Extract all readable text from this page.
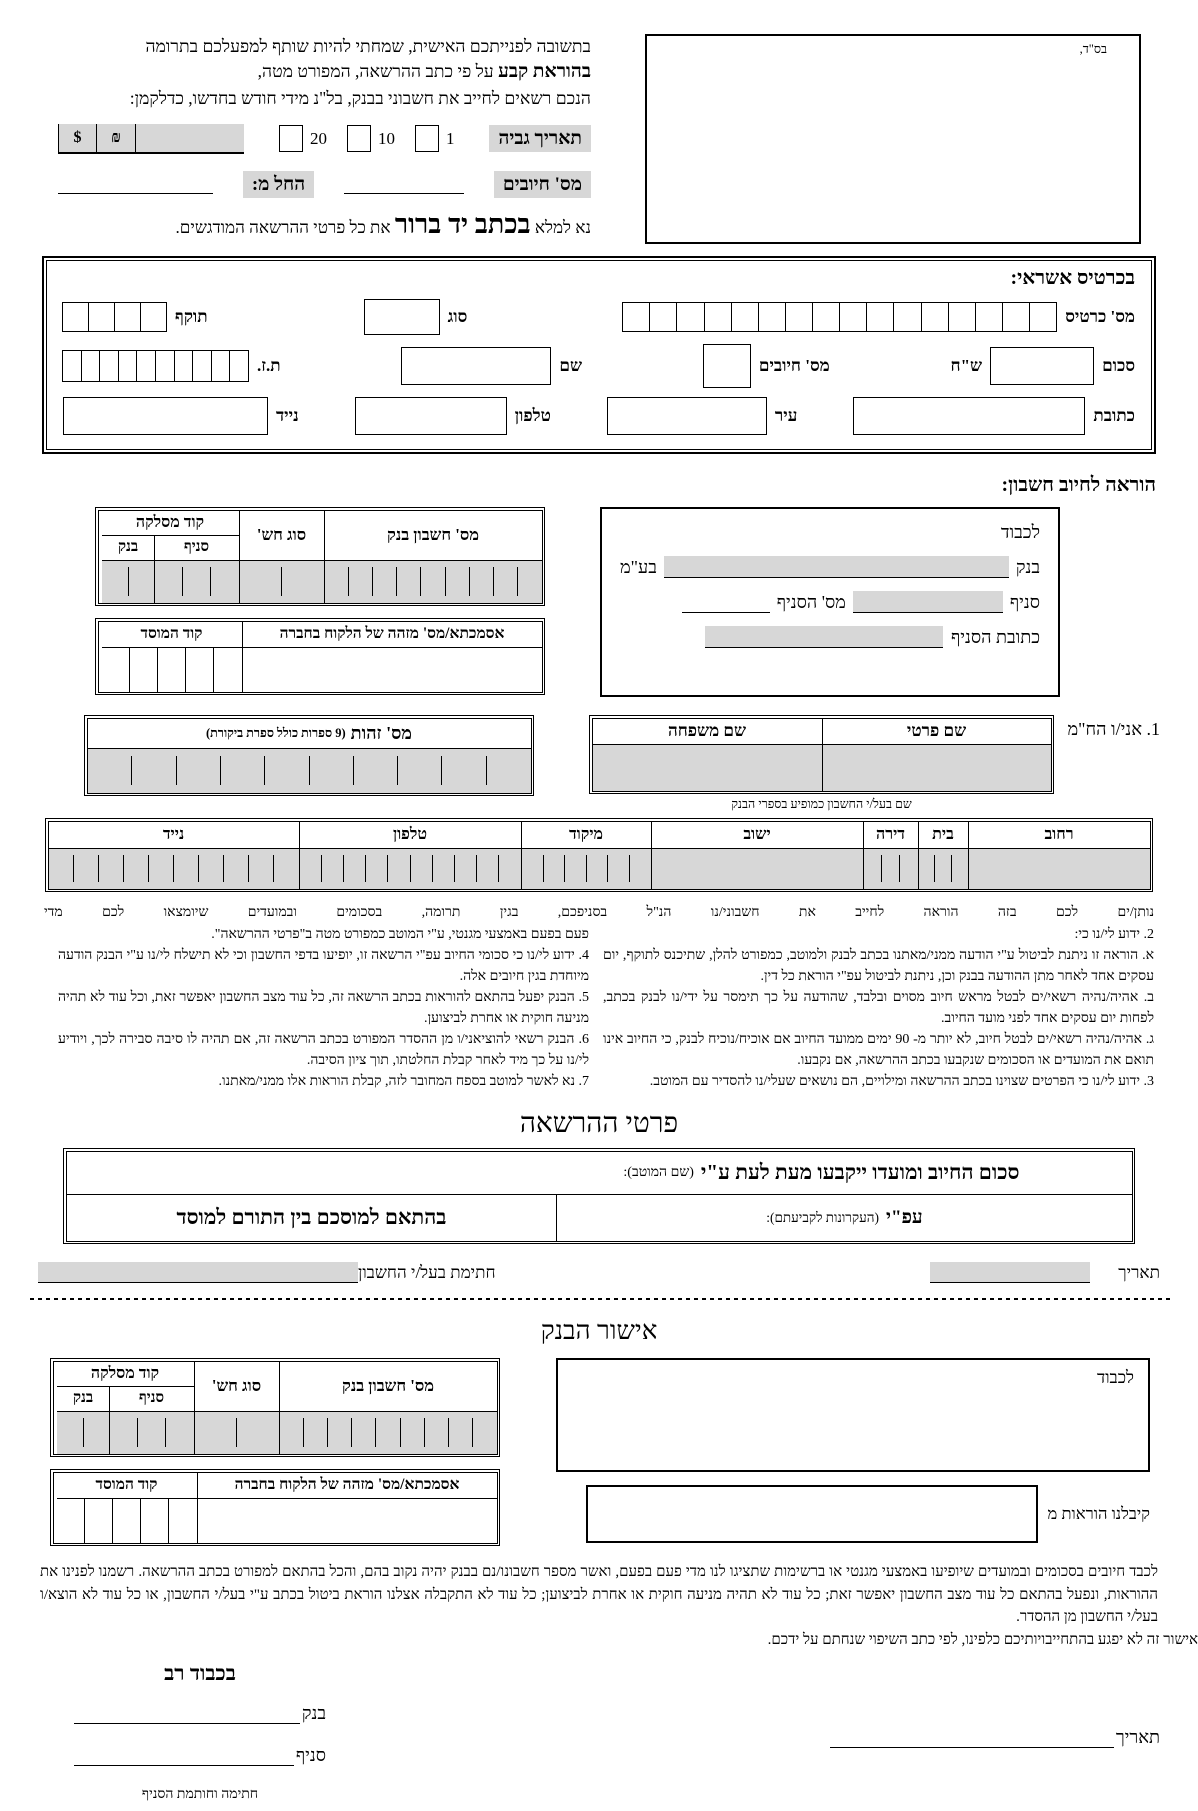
בס"ד,
בתשובה לפנייתכם האישית, שמחתי להיות שותף למפעלכם בתרומה
בהוראת קבע על פי כתב ההרשאה, המפורט מטה,
הנכם רשאים לחייב את חשבוני בבנק, בל"נ מידי חודש בחדשו, כדלקמן:
תאריך גביה
1
10
20
₪
$
מס' חיובים
החל מ:
נא למלא בכתב יד ברור את כל פרטי ההרשאה המודגשים.
בכרטיס אשראי:
מס' כרטיס
סוג
תוקף
סכום
ש"ח
מס' חיובים
שם
ת.ז.
כתובת
עיר
טלפון
נייד
הוראה לחיוב חשבון:
לכבוד
בנק
בע"מ
סניף
מס' הסניף
כתובת הסניף
מס' חשבון בנק
סוג חש'
קוד מסלקה
סניף
בנק
אסמכתא/מס' מזהה של הלקוח בחברה
קוד המוסד
1. אני/ו הח"מ
שם פרטי
שם משפחה
שם בעל/י החשבון כמופיע בספרי הבנק
מס' זהות
(9 ספרות כולל ספרת ביקורת)
רחוב
בית
דירה
ישוב
מיקוד
טלפון
נייד
נותן/ים לכם בזה הוראה לחייב את חשבוני/נו הנ"ל בסניפכם, בגין תרומה, בסכומים ובמועדים שיומצאו לכם מדי

2. ידוע לי/נו כי:

א. הוראה זו ניתנת לביטול ע"י הודעה ממני/מאתנו בכתב לבנק ולמוטב, כמפורט להלן, שתיכנס לתוקף, יום עסקים אחד לאחר מתן ההודעה בבנק וכן, ניתנת לביטול עפ"י הוראת כל דין.

ב. אהיה/נהיה רשאי/ים לבטל מראש חיוב מסוים ובלבד, שהודעה על כך תימסר על ידי/נו לבנק בכתב, לפחות יום עסקים אחד לפני מועד החיוב.

ג. אהיה/נהיה רשאי/ים לבטל חיוב, לא יותר מ- 90 ימים ממועד החיוב אם אוכיח/נוכיח לבנק, כי החיוב אינו תואם את המועדים או הסכומים שנקבעו בכתב ההרשאה, אם נקבעו.

3. ידוע לי/נו כי הפרטים שצוינו בכתב ההרשאה ומילויים, הם נושאים שעלי/נו להסדיר עם המוטב.

פעם בפעם באמצעי מגנטי, ע"י המוטב כמפורט מטה ב"פרטי ההרשאה".

4. ידוע לי/נו כי סכומי החיוב עפ"י הרשאה זו, יופיעו בדפי החשבון וכי לא תישלח לי/נו ע"י הבנק הודעה מיוחדת בגין חיובים אלה.

5. הבנק יפעל בהתאם להוראות בכתב הרשאה זה, כל עוד מצב החשבון יאפשר זאת, וכל עוד לא תהיה מניעה חוקית או אחרת לביצוען.

6. הבנק רשאי להוציאני/ו מן ההסדר המפורט בכתב הרשאה זה, אם תהיה לו סיבה סבירה לכך, ויודיע לי/נו על כך מיד לאחר קבלת החלטתו, תוך ציון הסיבה.

7. נא לאשר למוטב בספח המחובר לזה, קבלת הוראות אלו ממני/מאתנו.

פרטי ההרשאה
סכום החיוב ומועדו ייקבעו מעת לעת ע"י
(שם המוטב):
עפ"י
(העקרונות לקביעתם):
בהתאם למוסכם בין התורם למוסד
תאריך
חתימת בעל/י החשבון
אישור הבנק
לכבוד
קיבלנו הוראות מ
מס' חשבון בנק
סוג חש'
קוד מסלקה
סניף
בנק
אסמכתא/מס' מזהה של הלקוח בחברה
קוד המוסד
לכבד חיובים בסכומים ובמועדים שיופיעו באמצעי מגנטי או ברשימות שתציגו לנו מדי פעם בפעם, ואשר מספר חשבונו/נם בבנק יהיה נקוב בהם, והכל בהתאם למפורט בכתב ההרשאה. רשמנו לפנינו את ההוראות, ונפעל בהתאם כל עוד מצב החשבון יאפשר זאת; כל עוד לא תהיה מניעה חוקית או אחרת לביצוען; כל עוד לא התקבלה אצלנו הוראת ביטול בכתב ע"י בעל/י החשבון, או כל עוד לא הוצא/ו בעל/י החשבון מן ההסדר.
אישור זה לא יפגע בהתחייבויותיכם כלפינו, לפי כתב השיפוי שנחתם על ידכם.
בכבוד רב
בנק
סניף
חתימה וחותמת הסניף
תאריך
